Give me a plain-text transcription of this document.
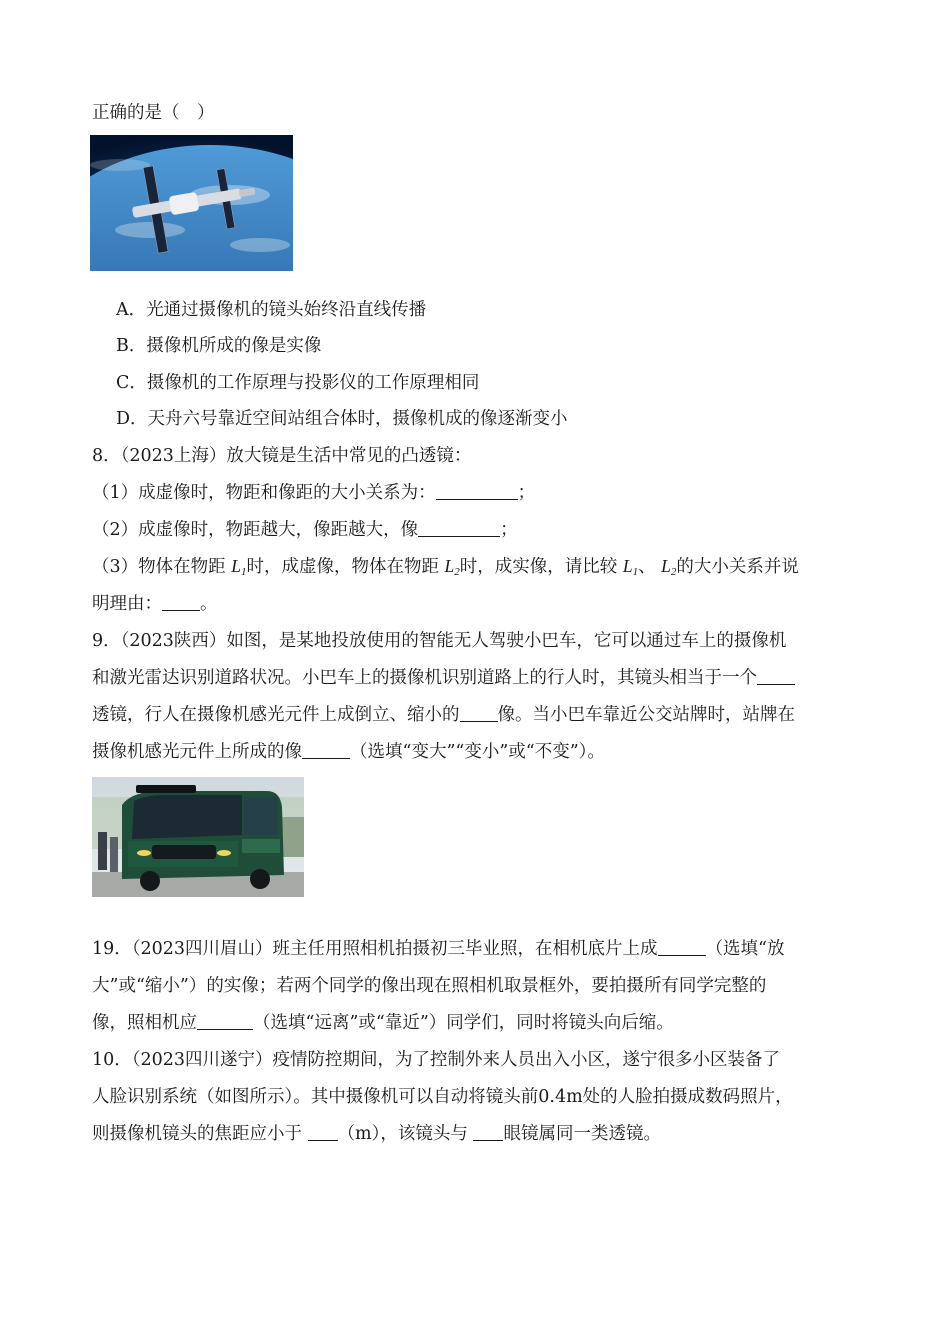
正确的是（　）
A．光通过摄像机的镜头始终沿直线传播
B．摄像机所成的像是实像
C．摄像机的工作原理与投影仪的工作原理相同
D．天舟六号靠近空间站组合体时，摄像机成的像逐渐变小
8．（2023上海）放大镜是生活中常见的凸透镜：
（1）成虚像时，物距和像距的大小关系为：	；
（2）成虚像时，物距越大，像距越大，像	；
（3）物体在物距 $L_1$时，成虚像，物体在物距 $L_2$时，成实像，请比较 $L_1$、 $L_2$的大小关系并说
明理由： 。
9．（2023陕西）如图，是某地投放使用的智能无人驾驶小巴车，它可以通过车上的摄像机
和激光雷达识别道路状况。小巴车上的摄像机识别道路上的行人时，其镜头相当于一个
透镜，行人在摄像机感光元件上成倒立、缩小的 像。当小巴车靠近公交站牌时，站牌在
摄像机感光元件上所成的像	（选填“变大”“变小”或“不变”）。
19．（2023四川眉山）班主任用照相机拍摄初三毕业照，在相机底片上成	（选填“放
大”或“缩小”）的实像；若两个同学的像出现在照相机取景框外，要拍摄所有同学完整的
像，照相机应	（选填“远离”或“靠近”）同学们，同时将镜头向后缩。
10．（2023四川遂宁）疫情防控期间，为了控制外来人员出入小区，遂宁很多小区装备了
人脸识别系统（如图所示）。其中摄像机可以自动将镜头前0.4m处的人脸拍摄成数码照片，
则摄像机镜头的焦距应小于 （m），该镜头与 眼镜属同一类透镜。
